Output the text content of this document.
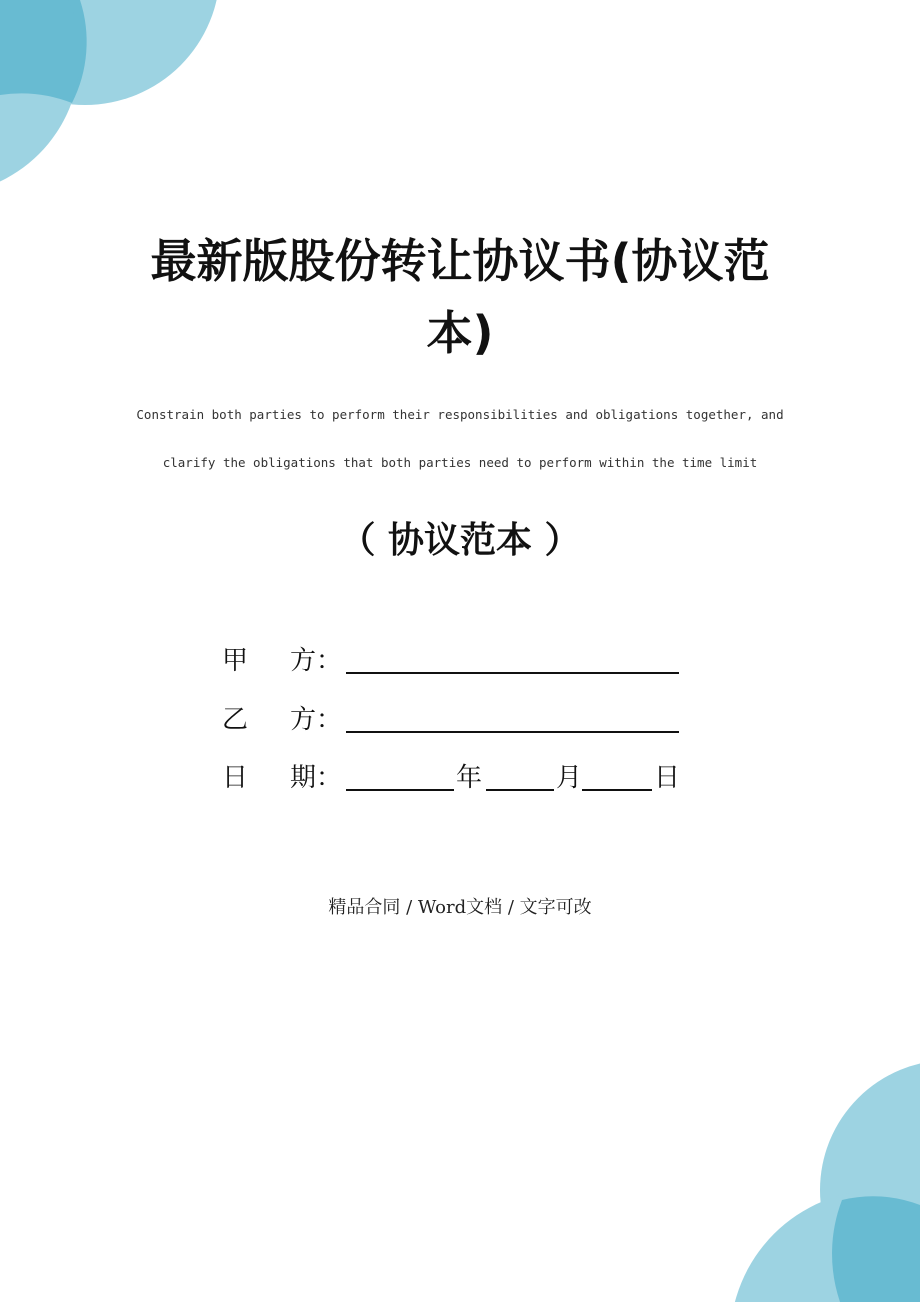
最新版股份转让协议书(协议范本)
Constrain both parties to perform their responsibilities and obligations together, and
clarify the obligations that both parties need to perform within the time limit
（ 协议范本 ）
甲 方：
乙 方：
日 期：	年	月	日
精品合同 / Word文档 / 文字可改
